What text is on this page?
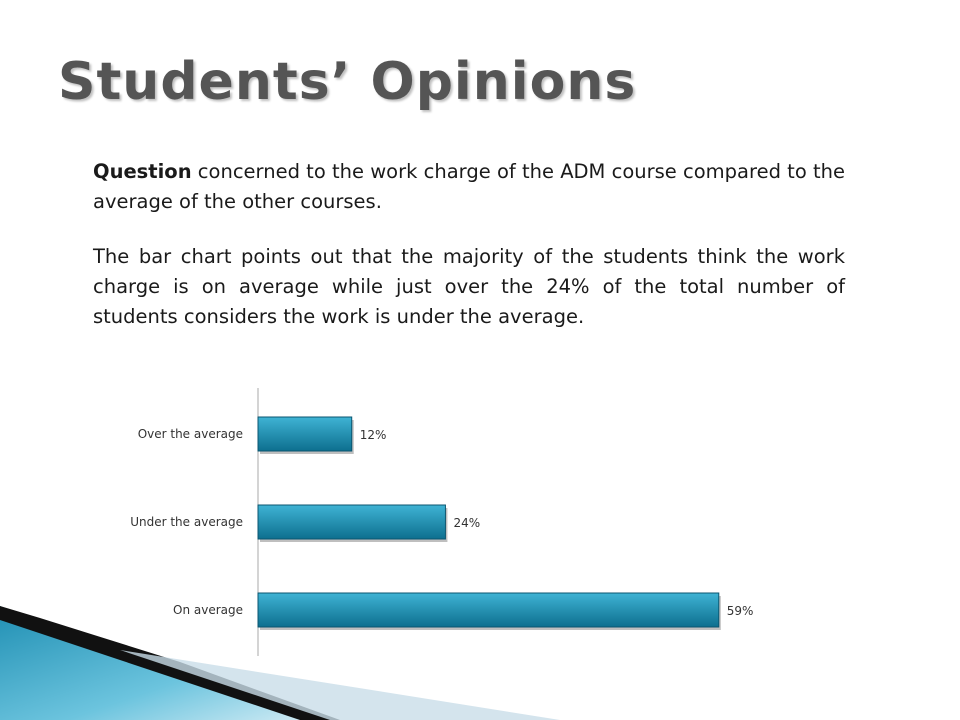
Students’ Opinions

Question concerned to the work charge of the ADM course compared to the average of the other courses.

The bar chart points out that the majority of the students think the work charge is on average while just over the 24% of the total number of students considers the work is under the average.

Over the average	12%
Under the average	24%
On average	59%
